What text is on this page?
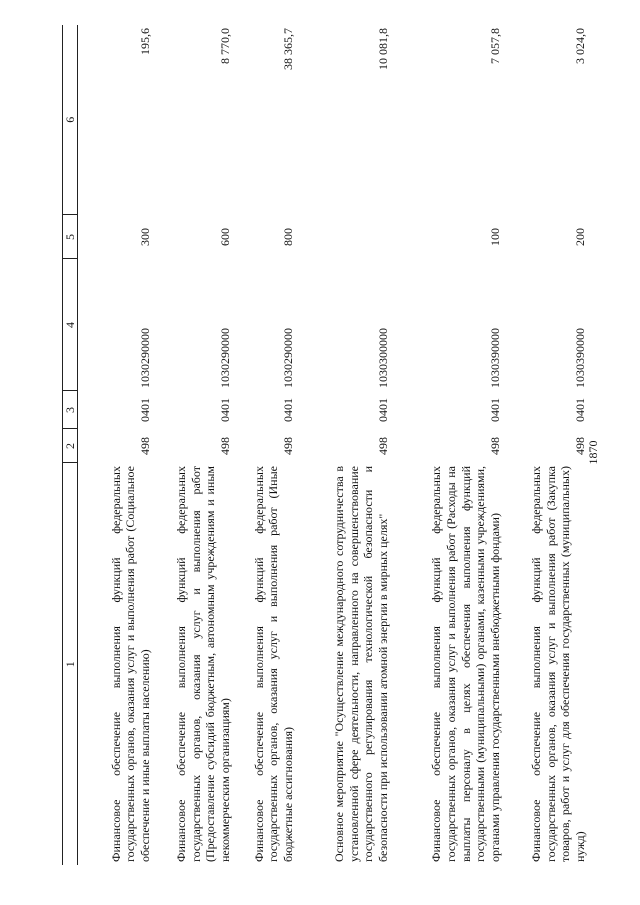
1870
1	2	3	4	5	6
Финансовое обеспечение выполнения функций федеральных государственных органов, оказания услуг и выполнения работ (Социальное обеспечение и иные выплаты населению)	498	0401	1030290000	300	195,6
Финансовое обеспечение выполнения функций федеральных государственных органов, оказания услуг и выполнения работ (Предоставление субсидий бюджетным, автономным учреждениям и иным некоммерческим организациям)	498	0401	1030290000	600	8 770,0
Финансовое обеспечение выполнения функций федеральных государственных органов, оказания услуг и выполнения работ (Иные бюджетные ассигнования)	498	0401	1030290000	800	38 365,7
Основное мероприятие "Осуществление международного сотрудничества в установленной сфере деятельности, направленного на совершенствование государственного регулирования технологической безопасности и безопасности при использовании атомной энергии в мирных целях"	498	0401	1030300000		10 081,8
Финансовое обеспечение выполнения функций федеральных государственных органов, оказания услуг и выполнения работ (Расходы на выплаты персоналу в целях обеспечения выполнения функций государственными (муниципальными) органами, казенными учреждениями, органами управления государственными внебюджетными фондами)	498	0401	1030390000	100	7 057,8
Финансовое обеспечение выполнения функций федеральных государственных органов, оказания услуг и выполнения работ (Закупка товаров, работ и услуг для обеспечения государственных (муниципальных) нужд)	498	0401	1030390000	200	3 024,0
